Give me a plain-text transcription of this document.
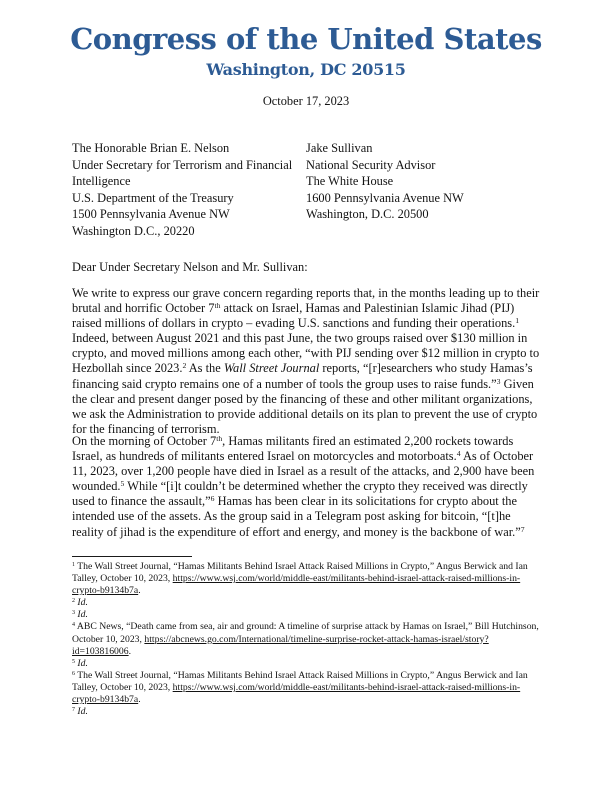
Congress of the United States
Washington, DC 20515
October 17, 2023
The Honorable Brian E. Nelson
Under Secretary for Terrorism and Financial
Intelligence
U.S. Department of the Treasury
1500 Pennsylvania Avenue NW
Washington D.C., 20220
Jake Sullivan
National Security Advisor
The White House
1600 Pennsylvania Avenue NW
Washington, D.C. 20500
Dear Under Secretary Nelson and Mr. Sullivan:

We write to express our grave concern regarding reports that, in the months leading up to their brutal and horrific October 7th attack on Israel, Hamas and Palestinian Islamic Jihad (PIJ) raised millions of dollars in crypto – evading U.S. sanctions and funding their operations.$^1$ Indeed, between August 2021 and this past June, the two groups raised over $130 million in crypto, and moved millions among each other, “with PIJ sending over $12 million in crypto to Hezbollah since 2023.$^2$ As the Wall Street Journal reports, “[r]esearchers who study Hamas’s financing said crypto remains one of a number of tools the group uses to raise funds.”$^3$ Given the clear and present danger posed by the financing of these and other militant organizations, we ask the Administration to provide additional details on its plan to prevent the use of crypto for the financing of terrorism.

On the morning of October 7th, Hamas militants fired an estimated 2,200 rockets towards Israel, as hundreds of militants entered Israel on motorcycles and motorboats.$^4$ As of October 11, 2023, over 1,200 people have died in Israel as a result of the attacks, and 2,900 have been wounded.$^5$ While “[i]t couldn’t be determined whether the crypto they received was directly used to finance the assault,”$^6$ Hamas has been clear in its solicitations for crypto about the intended use of the assets. As the group said in a Telegram post asking for bitcoin, “[t]he reality of jihad is the expenditure of effort and energy, and money is the backbone of war.”$^7$

$^1$ The Wall Street Journal, “Hamas Militants Behind Israel Attack Raised Millions in Crypto,” Angus Berwick and Ian Talley, October 10, 2023, https://www.wsj.com/world/middle-east/militants-behind-israel-attack-raised-millions-in-crypto-b9134b7a.
$^2$ Id.
$^3$ Id.
$^4$ ABC News, “Death came from sea, air and ground: A timeline of surprise attack by Hamas on Israel,” Bill Hutchinson, October 10, 2023, https://abcnews.go.com/International/timeline-surprise-rocket-attack-hamas-israel/story?id=103816006.
$^5$ Id.
$^6$ The Wall Street Journal, “Hamas Militants Behind Israel Attack Raised Millions in Crypto,” Angus Berwick and Ian Talley, October 10, 2023, https://www.wsj.com/world/middle-east/militants-behind-israel-attack-raised-millions-in-crypto-b9134b7a.
$^7$ Id.
